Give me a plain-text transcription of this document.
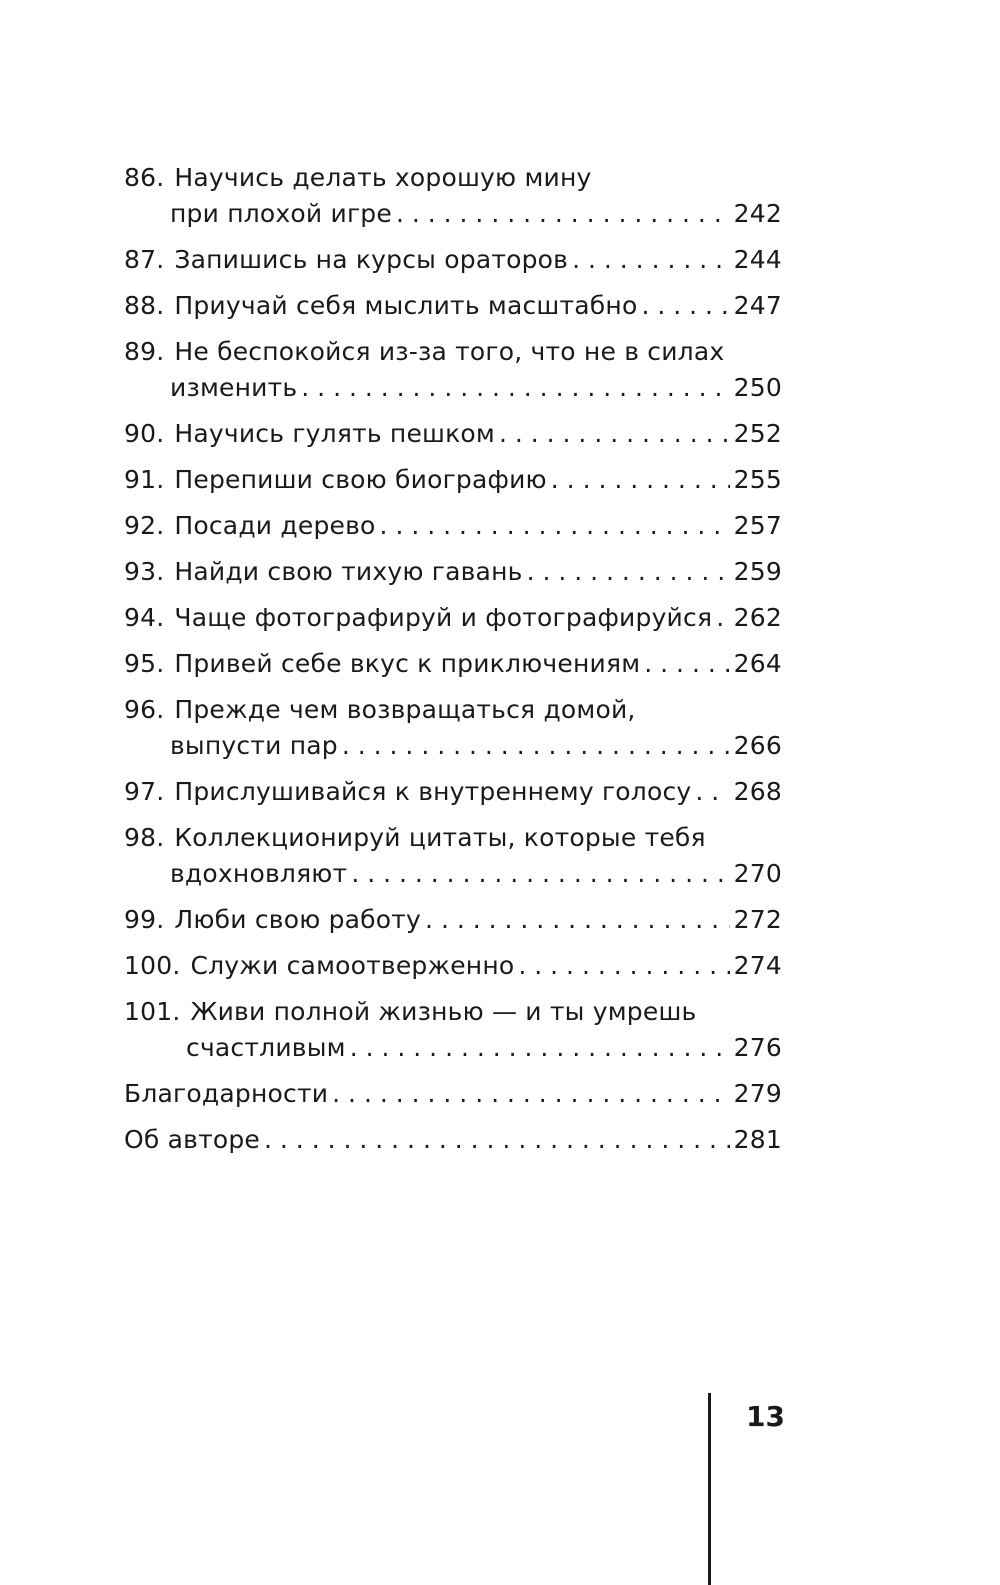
86. Научись делать хорошую мину
при плохой игре . . .	242
87. Запишись на курсы ораторов . . .	244
88. Приучай себя мыслить масштабно . . .	247
89. Не беспокойся из-за того, что не в силах
изменить . . .	250
90. Научись гулять пешком . . .	252
91. Перепиши свою биографию . . .	255
92. Посади дерево . . .	257
93. Найди свою тихую гавань . . .	259
94. Чаще фотографируй и фотографируйся . . . 262
95. Привей себе вкус к приключениям . . .	264
96. Прежде чем возвращаться домой,
выпусти пар . . .	266
97. Прислушивайся к внутреннему голосу . . . 268
98. Коллекционируй цитаты, которые тебя
вдохновляют . . .	270
99. Люби свою работу . . .	272
100. Служи самоотверженно . . .	274
101. Живи полной жизнью — и ты умрешь
счастливым . . .	276
Благодарности . . .	279
Об авторе . . .	281
13
